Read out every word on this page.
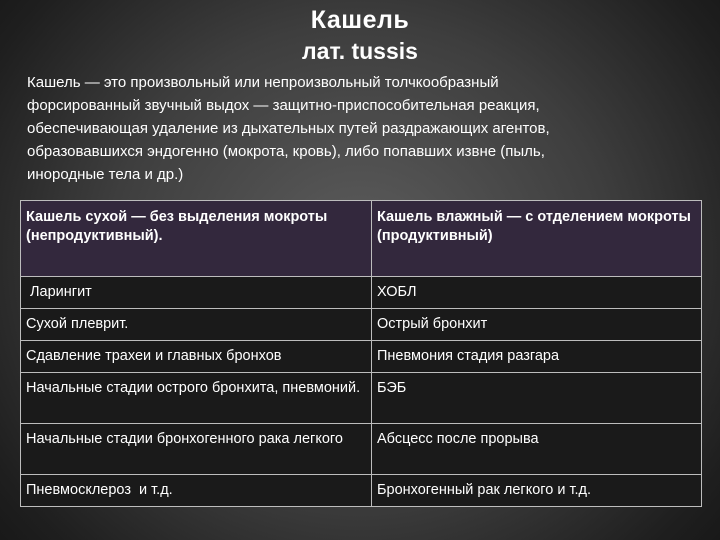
Кашель
лат. tussis

Кашель — это произвольный или непроизвольный толчкообразный
форсированный звучный выдох — защитно-приспособительная реакция,
обеспечивающая удаление из дыхательных путей раздражающих агентов,
образовавшихся эндогенно (мокрота, кровь), либо попавших извне (пыль,
инородные тела и др.)

Кашель сухой — без выделения мокроты (непродуктивный).	Кашель влажный — с отделением мокроты (продуктивный)
Ларингит	ХОБЛ
Сухой плеврит.	Острый бронхит
Сдавление трахеи и главных бронхов	Пневмония стадия разгара
Начальные стадии острого бронхита, пневмоний.	БЭБ
Начальные стадии бронхогенного рака легкого	Абсцесс после прорыва
Пневмосклероз  и т.д.	Бронхогенный рак легкого и т.д.
